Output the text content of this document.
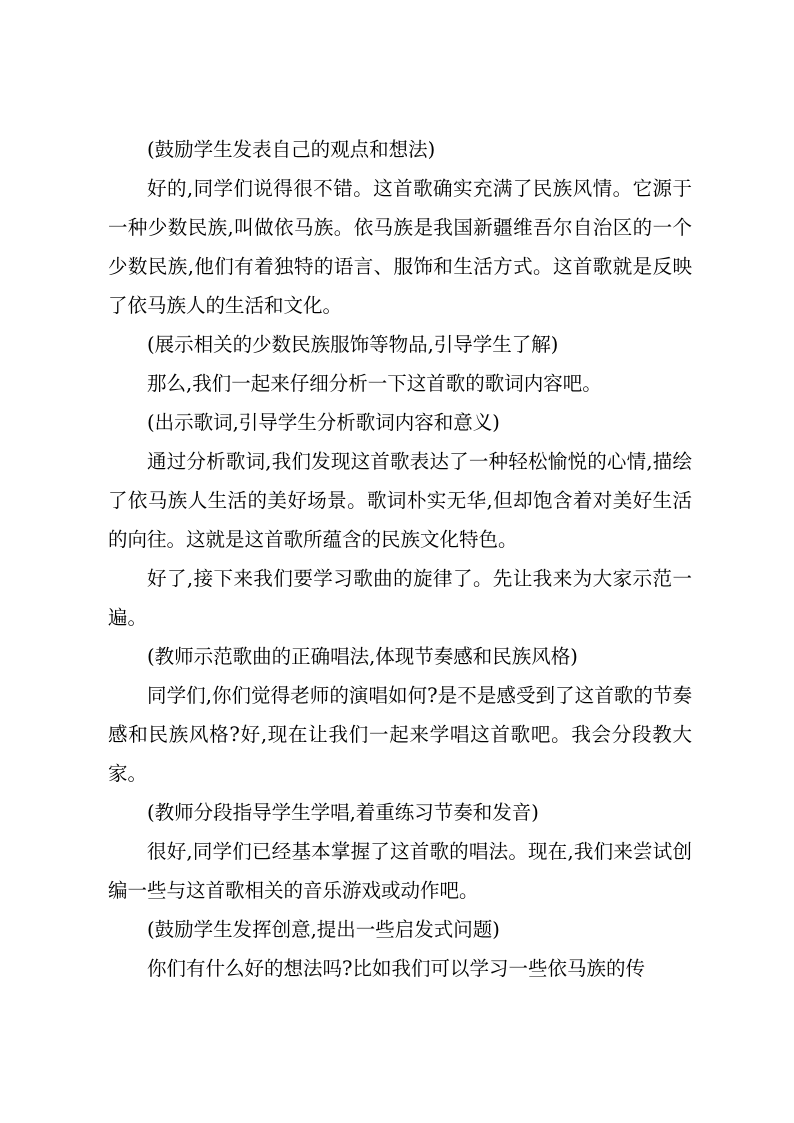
(鼓励学生发表自己的观点和想法)

好的,同学们说得很不错。这首歌确实充满了民族风情。它源于一种少数民族,叫做依马族。依马族是我国新疆维吾尔自治区的一个少数民族,他们有着独特的语言、服饰和生活方式。这首歌就是反映了依马族人的生活和文化。

(展示相关的少数民族服饰等物品,引导学生了解)

那么,我们一起来仔细分析一下这首歌的歌词内容吧。

(出示歌词,引导学生分析歌词内容和意义)

通过分析歌词,我们发现这首歌表达了一种轻松愉悦的心情,描绘了依马族人生活的美好场景。歌词朴实无华,但却饱含着对美好生活的向往。这就是这首歌所蕴含的民族文化特色。

好了,接下来我们要学习歌曲的旋律了。先让我来为大家示范一遍。

(教师示范歌曲的正确唱法,体现节奏感和民族风格)

同学们,你们觉得老师的演唱如何?是不是感受到了这首歌的节奏感和民族风格?好,现在让我们一起来学唱这首歌吧。我会分段教大家。

(教师分段指导学生学唱,着重练习节奏和发音)

很好,同学们已经基本掌握了这首歌的唱法。现在,我们来尝试创编一些与这首歌相关的音乐游戏或动作吧。

(鼓励学生发挥创意,提出一些启发式问题)

你们有什么好的想法吗?比如我们可以学习一些依马族的传
